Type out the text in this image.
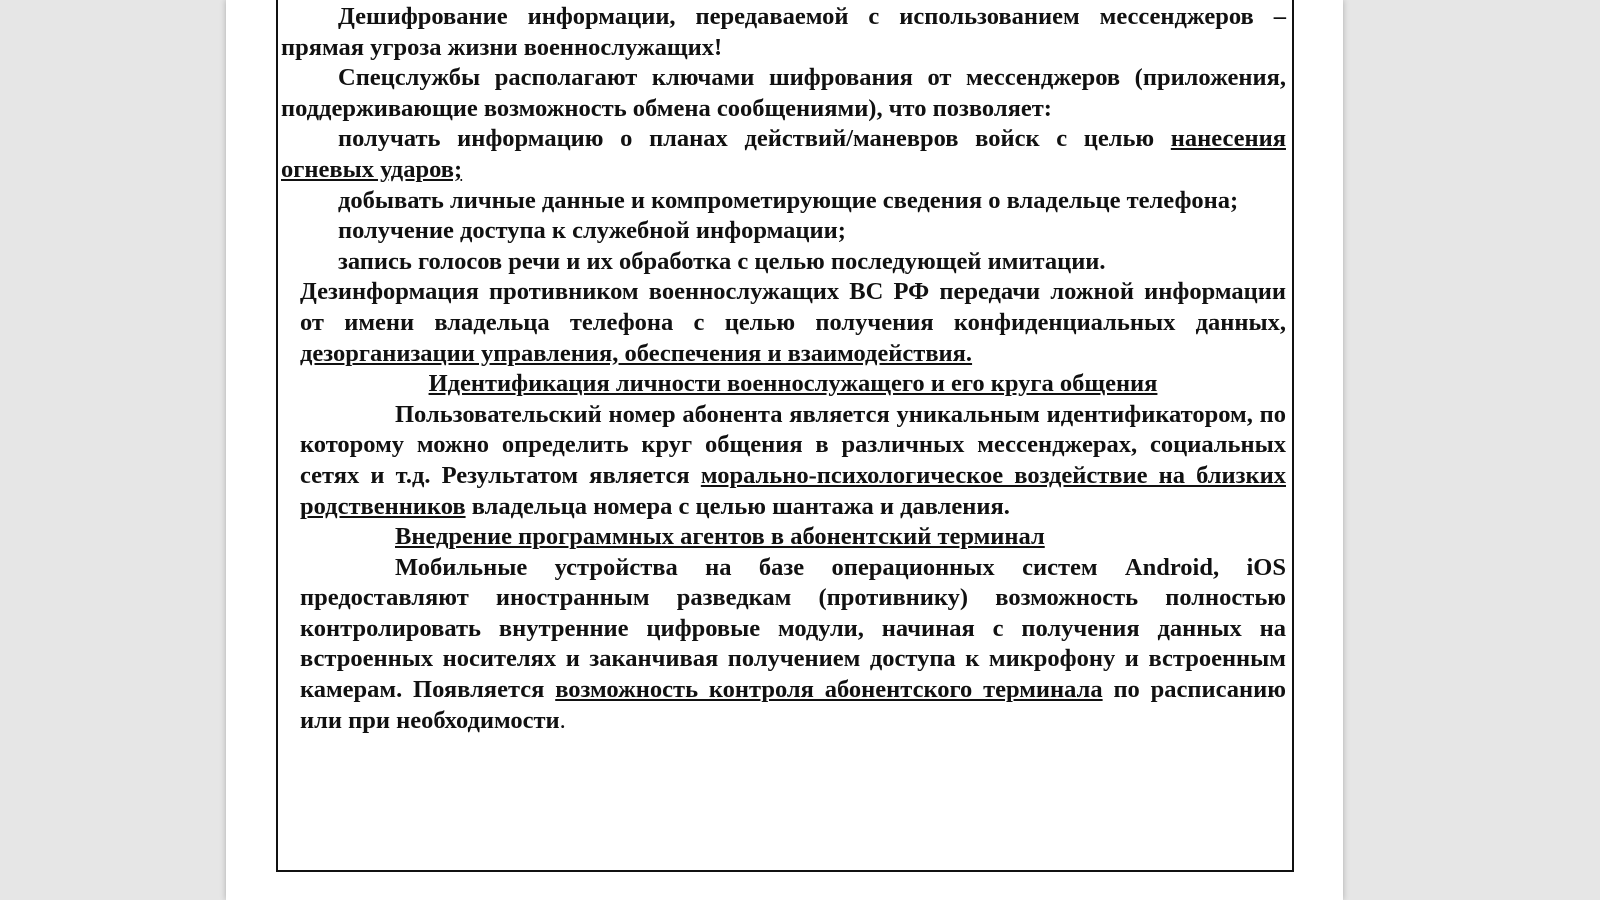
Дешифрование информации, передаваемой с использованием мессенджеров – прямая угроза жизни военнослужащих!

Спецслужбы располагают ключами шифрования от мессенджеров (приложения, поддерживающие возможность обмена сообщениями), что позволяет:

получать информацию о планах действий/маневров войск с целью нанесения огневых ударов;

добывать личные данные и компрометирующие сведения о владельце телефона;

получение доступа к служебной информации;

запись голосов речи и их обработка с целью последующей имитации.

Дезинформация противником военнослужащих ВС РФ передачи ложной информации от имени владельца телефона с целью получения конфиденциальных данных, дезорганизации управления, обеспечения и взаимодействия.

Идентификация личности военнослужащего и его круга общения

Пользовательский номер абонента является уникальным идентификатором, по которому можно определить круг общения в различных мессенджерах, социальных сетях и т.д. Результатом является морально-психологическое воздействие на близких родственников владельца номера с целью шантажа и давления.

Внедрение программных агентов в абонентский терминал

Мобильные устройства на базе операционных систем Android, iOS предоставляют иностранным разведкам (противнику) возможность полностью контролировать внутренние цифровые модули, начиная с получения данных на встроенных носителях и заканчивая получением доступа к микрофону и встроенным камерам. Появляется возможность контроля абонентского терминала по расписанию или при необходимости.
